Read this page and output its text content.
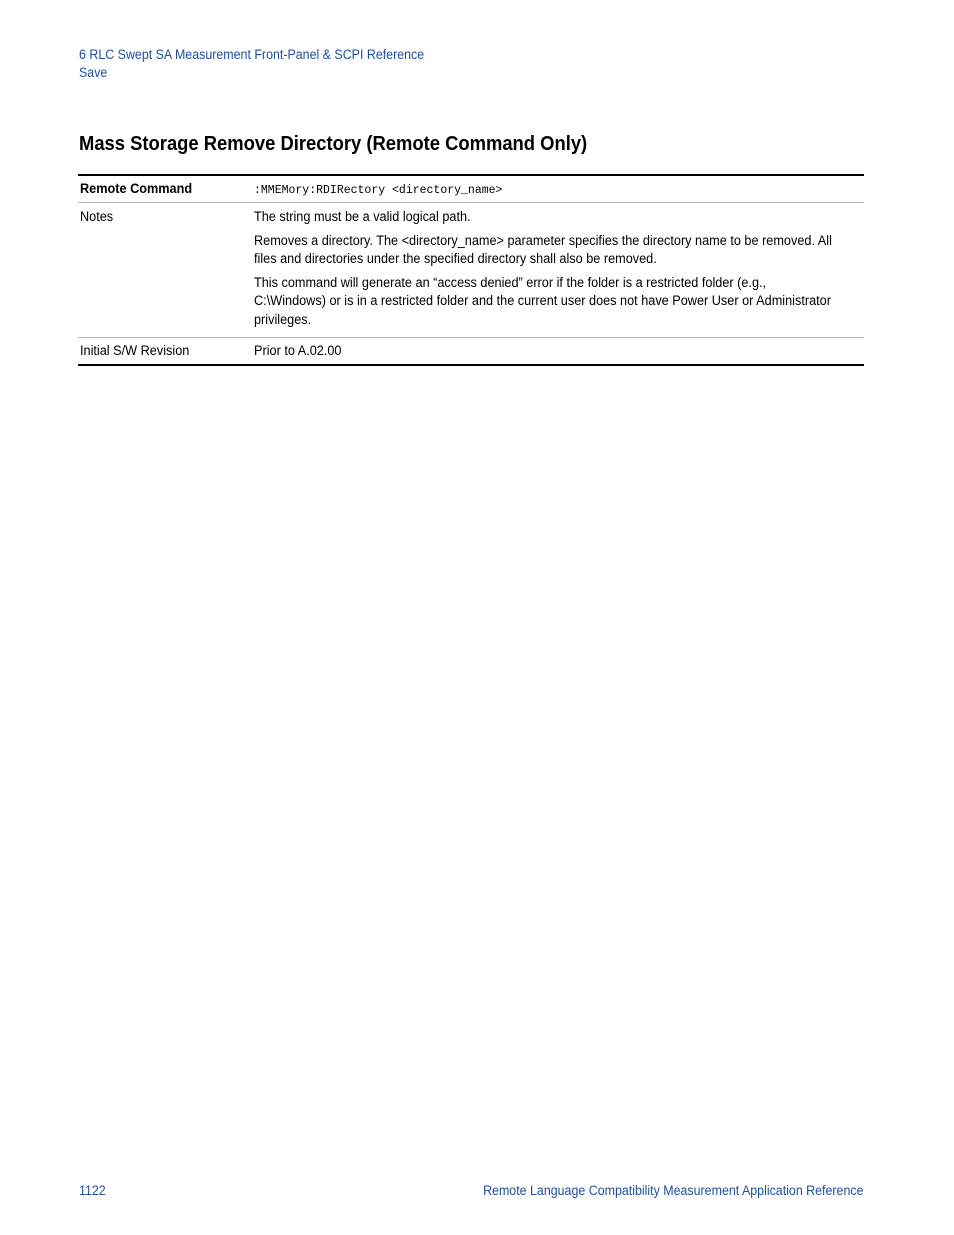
6 RLC Swept SA Measurement Front-Panel & SCPI Reference
Save
Mass Storage Remove Directory (Remote Command Only)
Remote Command	:MMEMory:RDIRectory <directory_name>
Notes	The string must be a valid logical path.

Removes a directory. The <directory_name> parameter specifies the directory name to be removed. All files and directories under the specified directory shall also be removed.

This command will generate an “access denied” error if the folder is a restricted folder (e.g., C:\Windows) or is in a restricted folder and the current user does not have Power User or Administrator privileges.

Initial S/W Revision	Prior to A.02.00
1122	Remote Language Compatibility Measurement Application Reference
